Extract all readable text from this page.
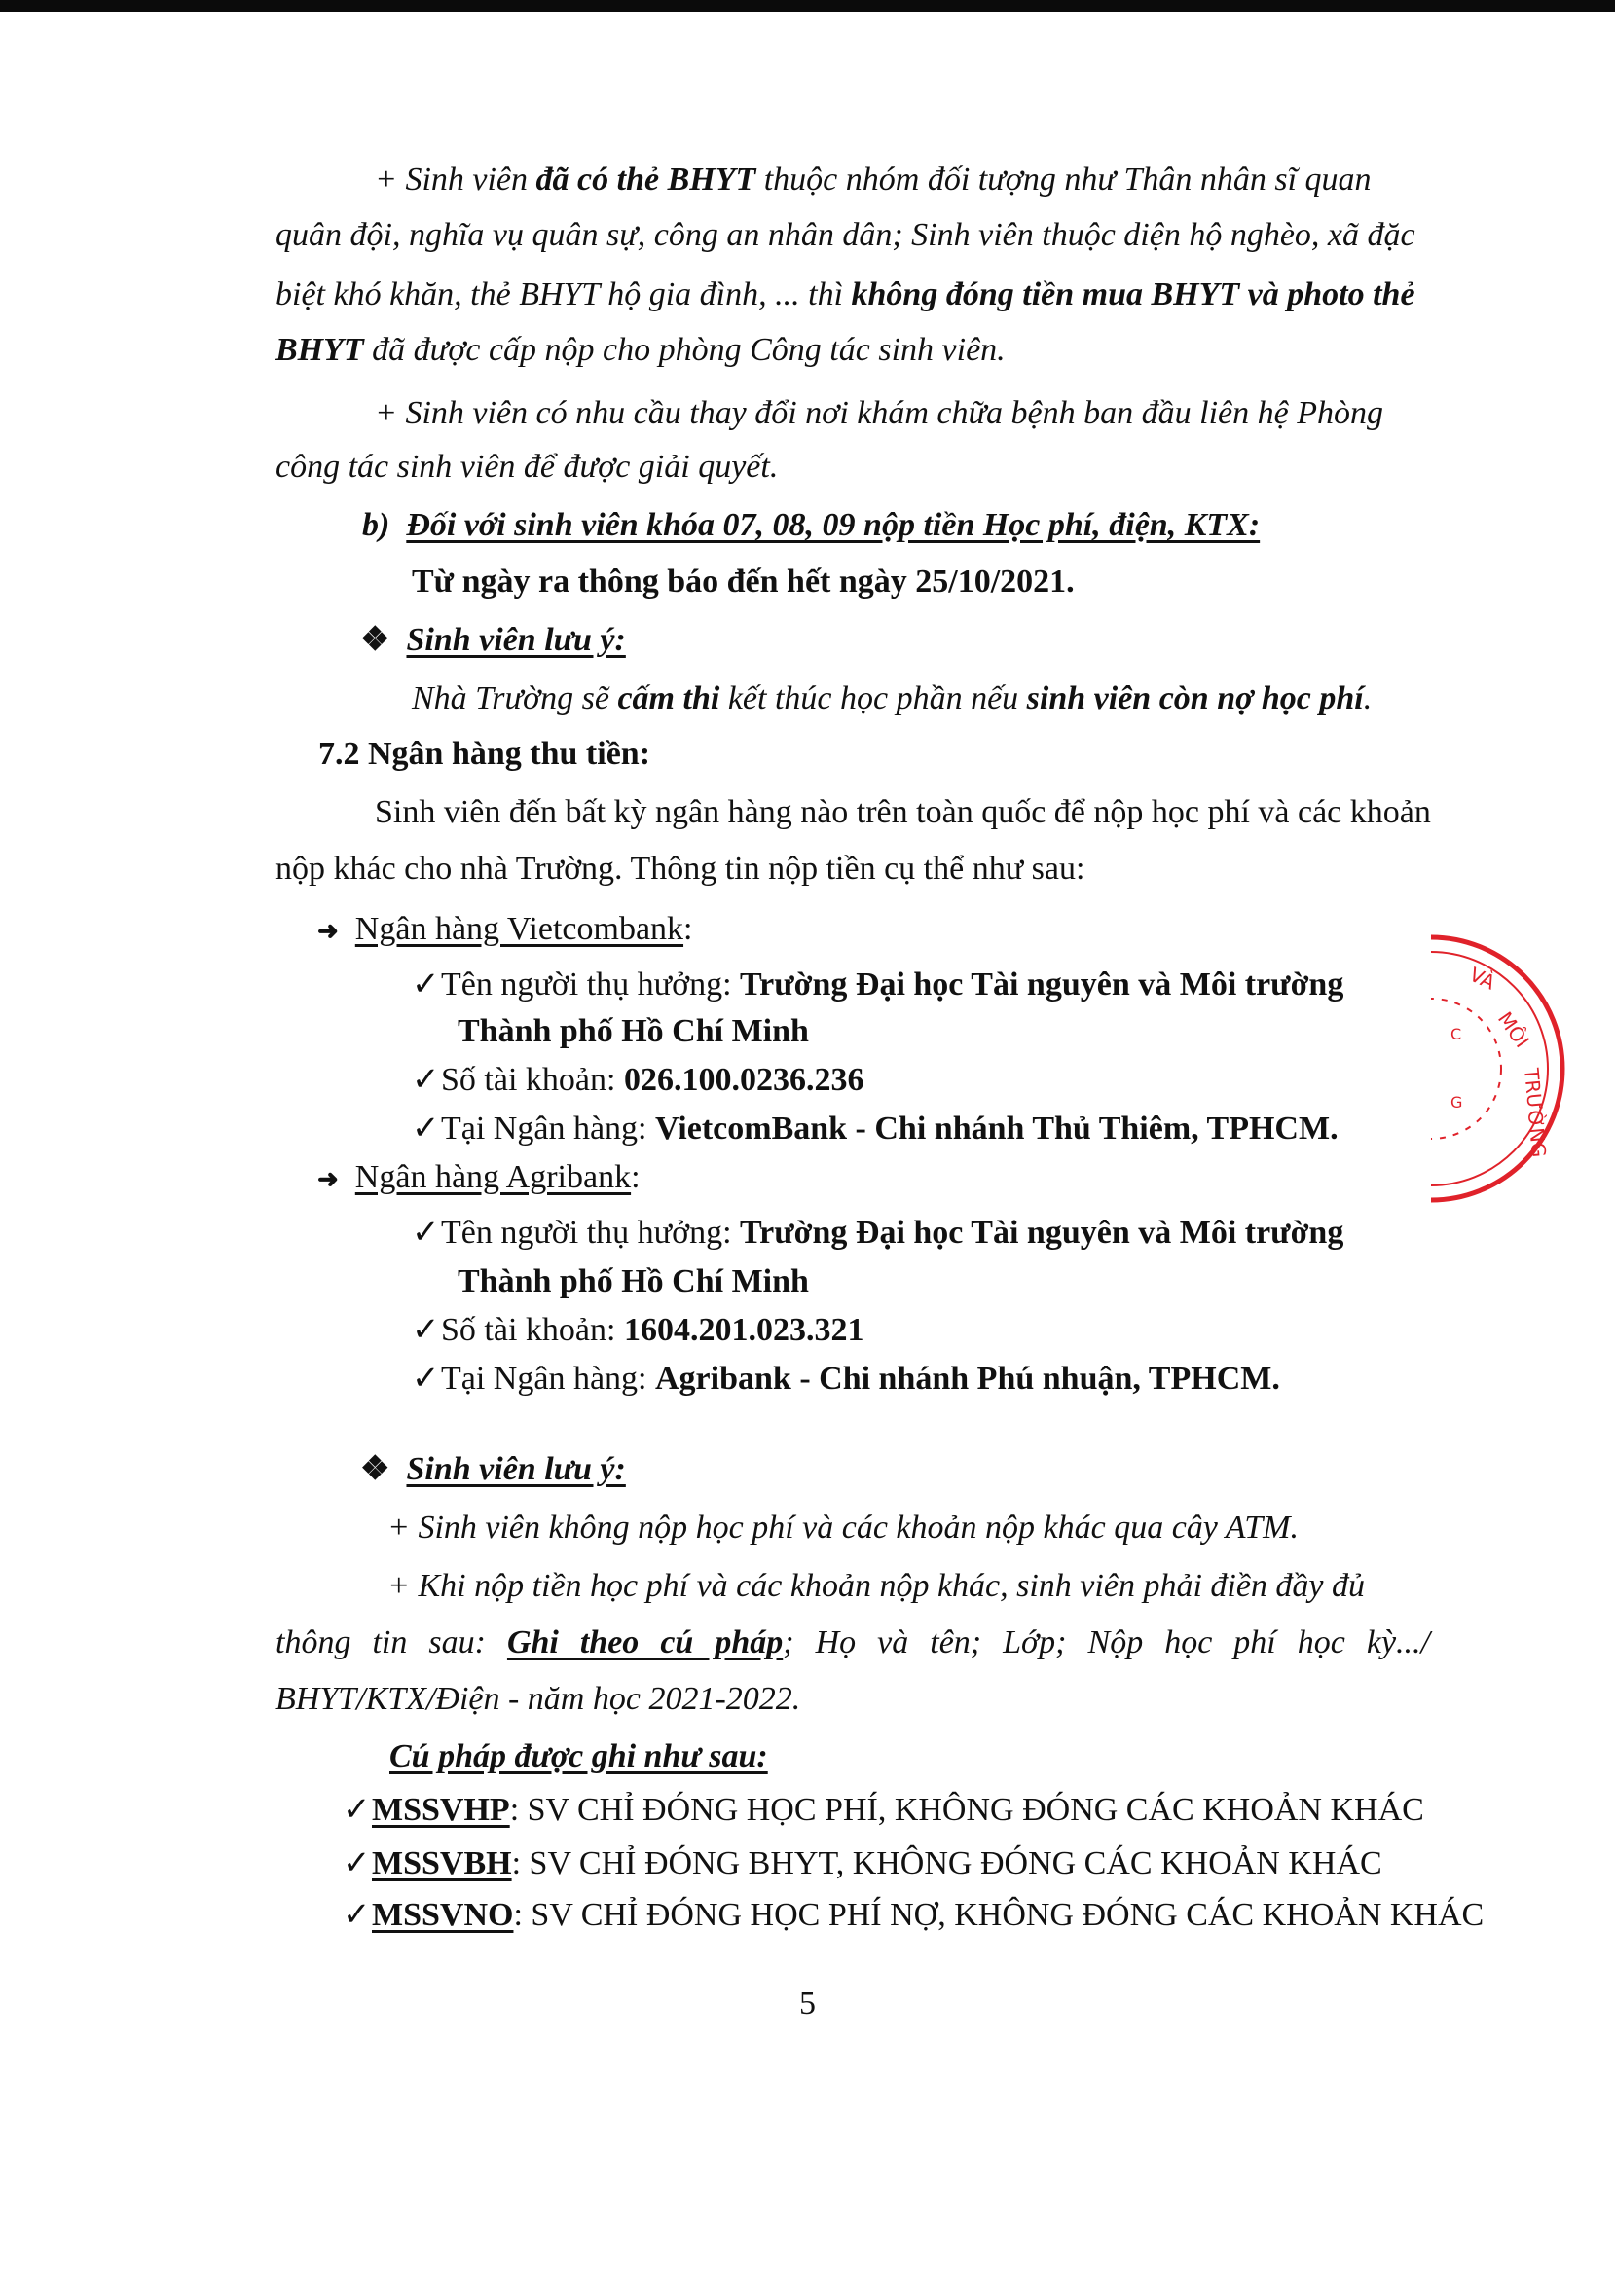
+ Sinh viên đã có thẻ BHYT thuộc nhóm đối tượng như Thân nhân sĩ quan
quân đội, nghĩa vụ quân sự, công an nhân dân; Sinh viên thuộc diện hộ nghèo, xã đặc
biệt khó khăn, thẻ BHYT hộ gia đình, ... thì không đóng tiền mua BHYT và photo thẻ
BHYT đã được cấp nộp cho phòng Công tác sinh viên.
+ Sinh viên có nhu cầu thay đổi nơi khám chữa bệnh ban đầu liên hệ Phòng
công tác sinh viên để được giải quyết.
b) Đối với sinh viên khóa 07, 08, 09 nộp tiền Học phí, điện, KTX:
Từ ngày ra thông báo đến hết ngày 25/10/2021.
❖ Sinh viên lưu ý:
Nhà Trường sẽ cấm thi kết thúc học phần nếu sinh viên còn nợ học phí.
7.2 Ngân hàng thu tiền:
Sinh viên đến bất kỳ ngân hàng nào trên toàn quốc để nộp học phí và các khoản
nộp khác cho nhà Trường. Thông tin nộp tiền cụ thể như sau:
➜ Ngân hàng Vietcombank:
✓Tên người thụ hưởng: Trường Đại học Tài nguyên và Môi trường
Thành phố Hồ Chí Minh
✓Số tài khoản: 026.100.0236.236
✓Tại Ngân hàng: VietcomBank - Chi nhánh Thủ Thiêm, TPHCM.
➜ Ngân hàng Agribank:
✓Tên người thụ hưởng: Trường Đại học Tài nguyên và Môi trường
Thành phố Hồ Chí Minh
✓Số tài khoản: 1604.201.023.321
✓Tại Ngân hàng: Agribank - Chi nhánh Phú nhuận, TPHCM.
❖ Sinh viên lưu ý:
+ Sinh viên không nộp học phí và các khoản nộp khác qua cây ATM.
+ Khi nộp tiền học phí và các khoản nộp khác, sinh viên phải điền đầy đủ
thông tin sau: Ghi theo cú pháp; Họ và tên; Lớp; Nộp học phí học kỳ.../
BHYT/KTX/Điện - năm học 2021-2022.
Cú pháp được ghi như sau:
✓MSSVHP: SV CHỈ ĐÓNG HỌC PHÍ, KHÔNG ĐÓNG CÁC KHOẢN KHÁC
✓MSSVBH: SV CHỈ ĐÓNG BHYT, KHÔNG ĐÓNG CÁC KHOẢN KHÁC
✓MSSVNO: SV CHỈ ĐÓNG HỌC PHÍ NỢ, KHÔNG ĐÓNG CÁC KHOẢN KHÁC
5
VÀ
MÔI
TRƯỜNG
C
G
